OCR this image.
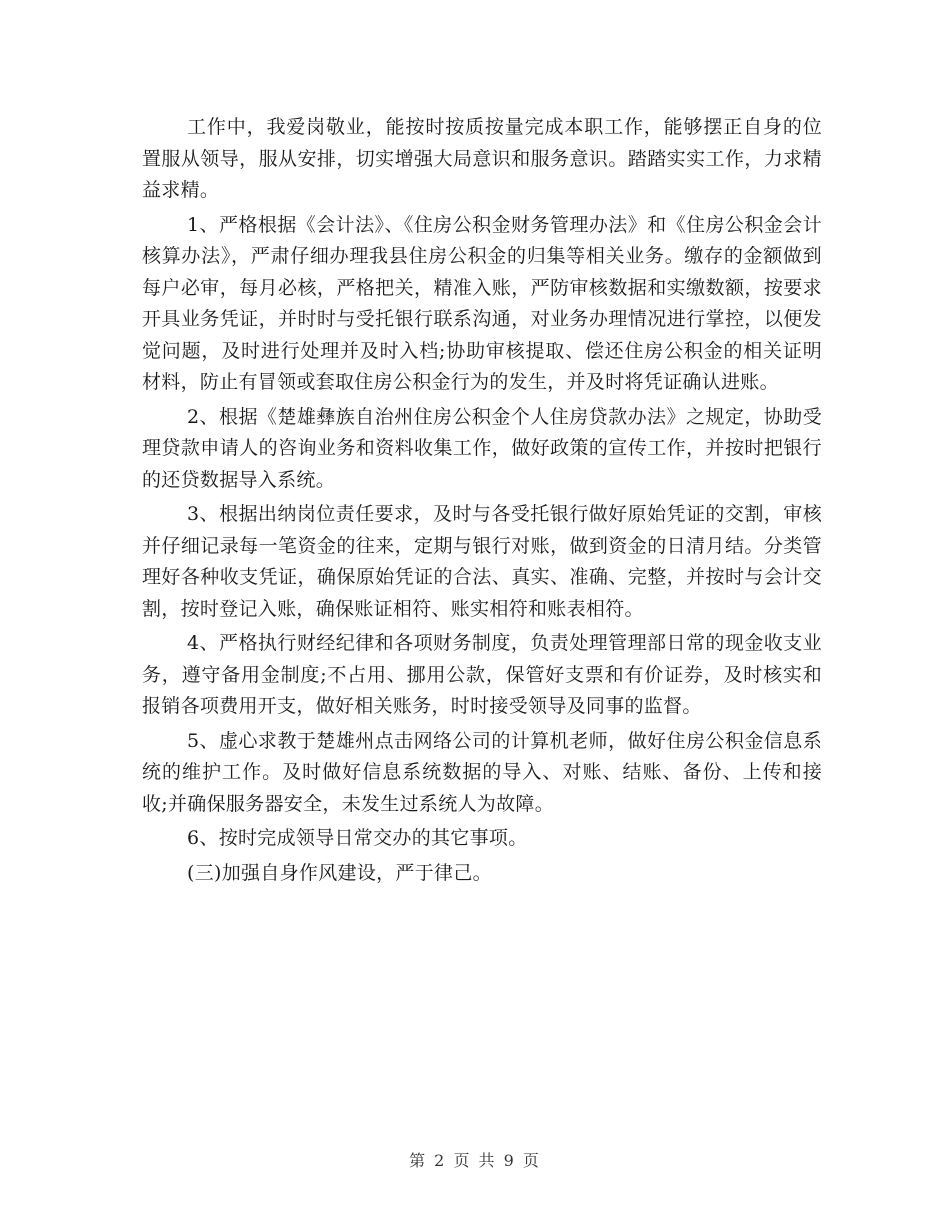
工作中，我爱岗敬业，能按时按质按量完成本职工作，能够摆正自身的位置服从领导，服从安排，切实增强大局意识和服务意识。踏踏实实工作，力求精益求精。

1、严格根据《会计法》、《住房公积金财务管理办法》和《住房公积金会计核算办法》，严肃仔细办理我县住房公积金的归集等相关业务。缴存的金额做到每户必审，每月必核，严格把关，精准入账，严防审核数据和实缴数额，按要求开具业务凭证，并时时与受托银行联系沟通，对业务办理情况进行掌控，以便发觉问题，及时进行处理并及时入档;协助审核提取、偿还住房公积金的相关证明材料，防止有冒领或套取住房公积金行为的发生，并及时将凭证确认进账。

2、根据《楚雄彝族自治州住房公积金个人住房贷款办法》之规定，协助受理贷款申请人的咨询业务和资料收集工作，做好政策的宣传工作，并按时把银行的还贷数据导入系统。

3、根据出纳岗位责任要求，及时与各受托银行做好原始凭证的交割，审核并仔细记录每一笔资金的往来，定期与银行对账，做到资金的日清月结。分类管理好各种收支凭证，确保原始凭证的合法、真实、准确、完整，并按时与会计交割，按时登记入账，确保账证相符、账实相符和账表相符。

4、严格执行财经纪律和各项财务制度，负责处理管理部日常的现金收支业务，遵守备用金制度;不占用、挪用公款，保管好支票和有价证券，及时核实和报销各项费用开支，做好相关账务，时时接受领导及同事的监督。

5、虚心求教于楚雄州点击网络公司的计算机老师，做好住房公积金信息系统的维护工作。及时做好信息系统数据的导入、对账、结账、备份、上传和接收;并确保服务器安全，未发生过系统人为故障。

6、按时完成领导日常交办的其它事项。

(三)加强自身作风建设，严于律己。

第 2 页 共 9 页
